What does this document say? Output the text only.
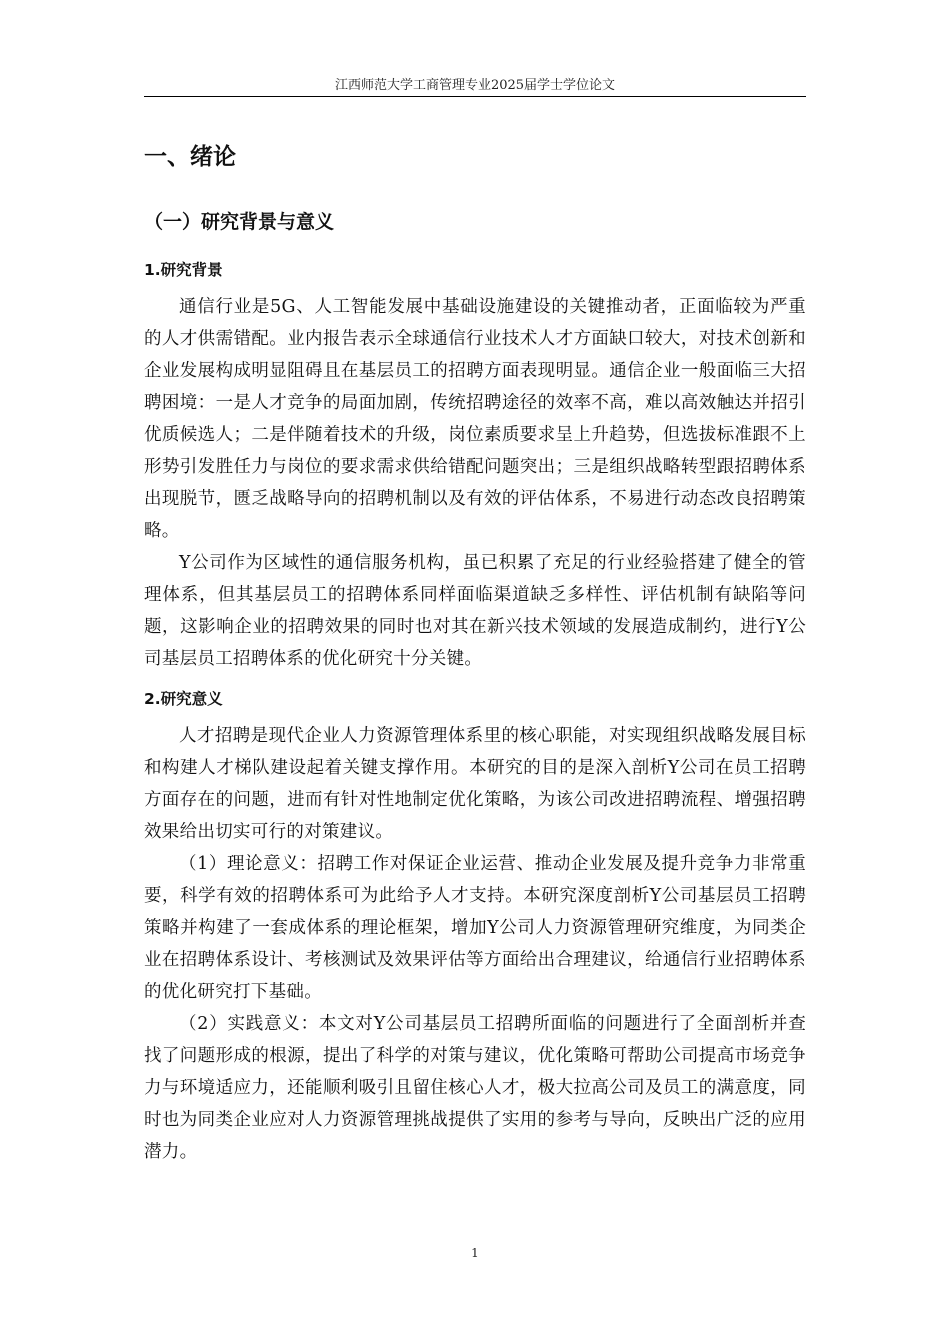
江西师范大学工商管理专业2025届学士学位论文
一、绪论
（一）研究背景与意义
1.研究背景

通信行业是5G、人工智能发展中基础设施建设的关键推动者，正面临较为严重的人才供需错配。业内报告表示全球通信行业技术人才方面缺口较大，对技术创新和企业发展构成明显阻碍且在基层员工的招聘方面表现明显。通信企业一般面临三大招聘困境：一是人才竞争的局面加剧，传统招聘途径的效率不高，难以高效触达并招引优质候选人；二是伴随着技术的升级，岗位素质要求呈上升趋势，但选拔标准跟不上形势引发胜任力与岗位的要求需求供给错配问题突出；三是组织战略转型跟招聘体系出现脱节，匮乏战略导向的招聘机制以及有效的评估体系，不易进行动态改良招聘策略。

Y公司作为区域性的通信服务机构，虽已积累了充足的行业经验搭建了健全的管理体系，但其基层员工的招聘体系同样面临渠道缺乏多样性、评估机制有缺陷等问题，这影响企业的招聘效果的同时也对其在新兴技术领域的发展造成制约，进行Y公司基层员工招聘体系的优化研究十分关键。

2.研究意义

人才招聘是现代企业人力资源管理体系里的核心职能，对实现组织战略发展目标和构建人才梯队建设起着关键支撑作用。本研究的目的是深入剖析Y公司在员工招聘方面存在的问题，进而有针对性地制定优化策略，为该公司改进招聘流程、增强招聘效果给出切实可行的对策建议。

（1）理论意义：招聘工作对保证企业运营、推动企业发展及提升竞争力非常重要，科学有效的招聘体系可为此给予人才支持。本研究深度剖析Y公司基层员工招聘策略并构建了一套成体系的理论框架，增加Y公司人力资源管理研究维度，为同类企业在招聘体系设计、考核测试及效果评估等方面给出合理建议，给通信行业招聘体系的优化研究打下基础。

（2）实践意义：本文对Y公司基层员工招聘所面临的问题进行了全面剖析并查找了问题形成的根源，提出了科学的对策与建议，优化策略可帮助公司提高市场竞争力与环境适应力，还能顺利吸引且留住核心人才，极大拉高公司及员工的满意度，同时也为同类企业应对人力资源管理挑战提供了实用的参考与导向，反映出广泛的应用潜力。

1
